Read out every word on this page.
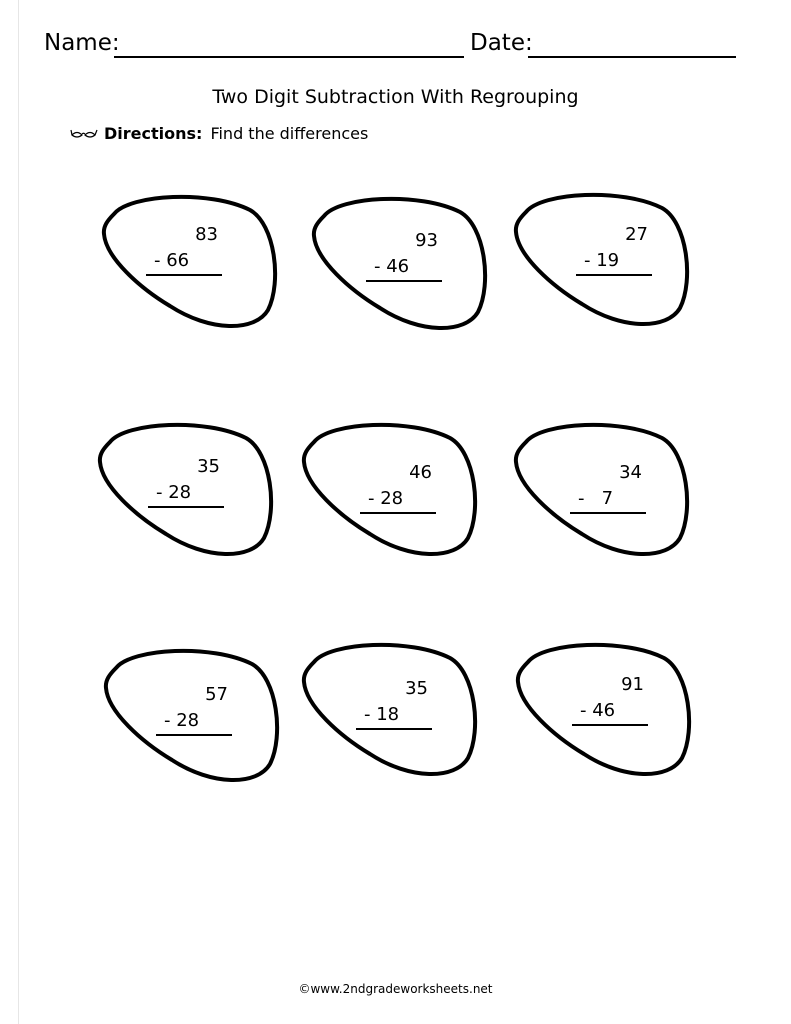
Name:	Date:
Two Digit Subtraction With Regrouping
Directions: Find the differences
83
- 66
93
- 46
27
- 19
35
- 28
46
- 28
34
-   7
57
- 28
35
- 18
91
- 46
©www.2ndgradeworksheets.net
